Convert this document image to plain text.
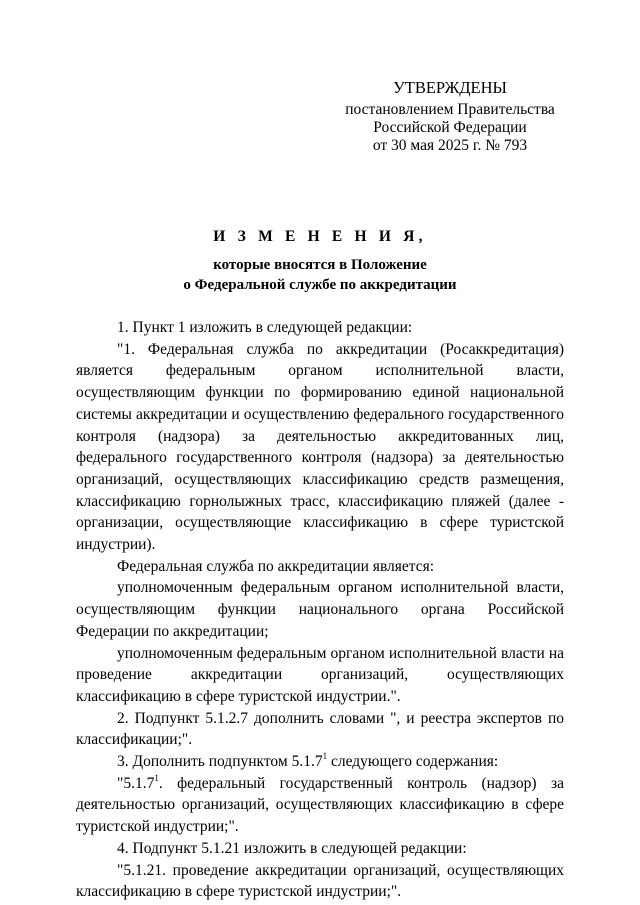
УТВЕРЖДЕНЫ
постановлением Правительства
Российской Федерации
от 30 мая 2025 г. № 793
И З М Е Н Е Н И Я,
которые вносятся в Положение
о Федеральной службе по аккредитации

1. Пункт 1 изложить в следующей редакции:

"1. Федеральная служба по аккредитации (Росаккредитация) является федеральным органом исполнительной власти, осуществляющим функции по формированию единой национальной системы аккредитации и осуществлению федерального государственного контроля (надзора) за деятельностью аккредитованных лиц, федерального государственного контроля (надзора) за деятельностью организаций, осуществляющих классификацию средств размещения, классификацию горнолыжных трасс, классификацию пляжей (далее - организации, осуществляющие классификацию в сфере туристской индустрии).

Федеральная служба по аккредитации является:

уполномоченным федеральным органом исполнительной власти, осуществляющим функции национального органа Российской Федерации по аккредитации;

уполномоченным федеральным органом исполнительной власти на проведение аккредитации организаций, осуществляющих классификацию в сфере туристской индустрии.".

2. Подпункт 5.1.2.7 дополнить словами ", и реестра экспертов по классификации;".

3. Дополнить подпунктом 5.1.7$^1$ следующего содержания:

"5.1.7$^1$. федеральный государственный контроль (надзор) за деятельностью организаций, осуществляющих классификацию в сфере туристской индустрии;".

4. Подпункт 5.1.21 изложить в следующей редакции:

"5.1.21. проведение аккредитации организаций, осуществляющих классификацию в сфере туристской индустрии;".
